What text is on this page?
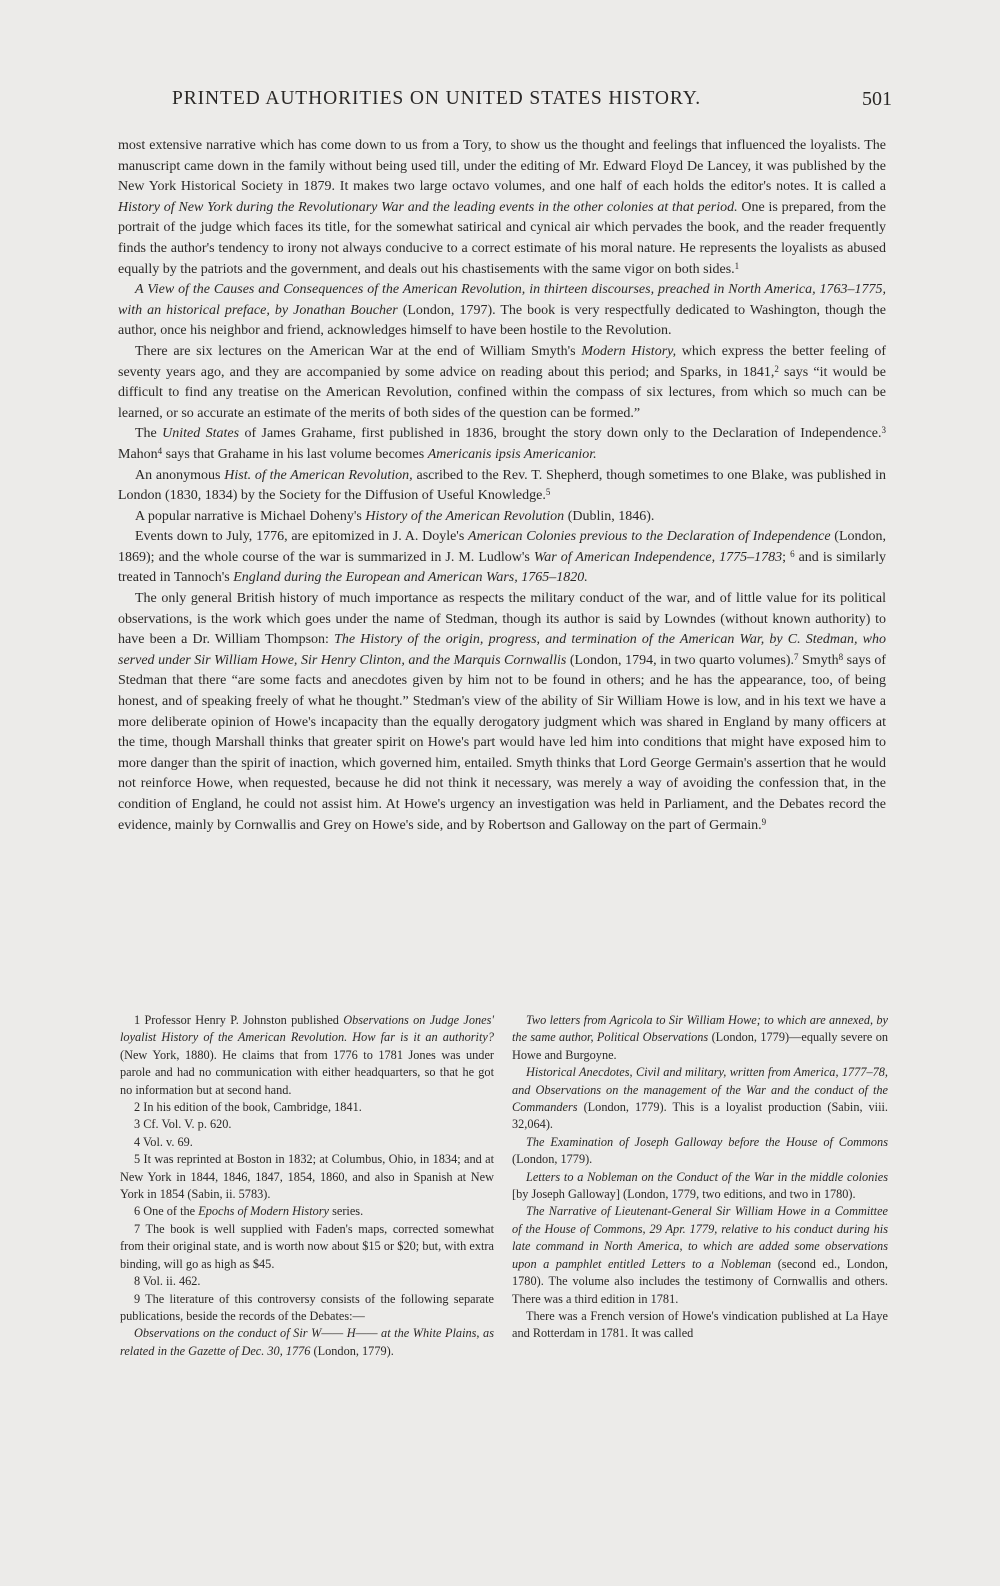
PRINTED AUTHORITIES ON UNITED STATES HISTORY.	501

most extensive narrative which has come down to us from a Tory, to show us the thought and feelings that influenced the loyalists. The manuscript came down in the family without being used till, under the editing of Mr. Edward Floyd De Lancey, it was published by the New York Historical Society in 1879. It makes two large octavo volumes, and one half of each holds the editor's notes. It is called a History of New York during the Revolutionary War and the leading events in the other colonies at that period. One is prepared, from the portrait of the judge which faces its title, for the somewhat satirical and cynical air which pervades the book, and the reader frequently finds the author's tendency to irony not always conducive to a correct estimate of his moral nature. He represents the loyalists as abused equally by the patriots and the government, and deals out his chastisements with the same vigor on both sides.$^1$

A View of the Causes and Consequences of the American Revolution, in thirteen discourses, preached in North America, 1763–1775, with an historical preface, by Jonathan Boucher (London, 1797). The book is very respectfully dedicated to Washington, though the author, once his neighbor and friend, acknowledges himself to have been hostile to the Revolution.

There are six lectures on the American War at the end of William Smyth's Modern History, which express the better feeling of seventy years ago, and they are accompanied by some advice on reading about this period; and Sparks, in 1841,$^2$ says “it would be difficult to find any treatise on the American Revolution, confined within the compass of six lectures, from which so much can be learned, or so accurate an estimate of the merits of both sides of the question can be formed.”

The United States of James Grahame, first published in 1836, brought the story down only to the Declaration of Independence.$^3$ Mahon$^4$ says that Grahame in his last volume becomes Americanis ipsis Americanior.

An anonymous Hist. of the American Revolution, ascribed to the Rev. T. Shepherd, though sometimes to one Blake, was published in London (1830, 1834) by the Society for the Diffusion of Useful Knowledge.$^5$

A popular narrative is Michael Doheny's History of the American Revolution (Dublin, 1846).

Events down to July, 1776, are epitomized in J. A. Doyle's American Colonies previous to the Declaration of Independence (London, 1869); and the whole course of the war is summarized in J. M. Ludlow's War of American Independence, 1775–1783; $^6$ and is similarly treated in Tannoch's England during the European and American Wars, 1765–1820.

The only general British history of much importance as respects the military conduct of the war, and of little value for its political observations, is the work which goes under the name of Stedman, though its author is said by Lowndes (without known authority) to have been a Dr. William Thompson: The History of the origin, progress, and termination of the American War, by C. Stedman, who served under Sir William Howe, Sir Henry Clinton, and the Marquis Cornwallis (London, 1794, in two quarto volumes).$^7$ Smyth$^8$ says of Stedman that there “are some facts and anecdotes given by him not to be found in others; and he has the appearance, too, of being honest, and of speaking freely of what he thought.” Stedman's view of the ability of Sir William Howe is low, and in his text we have a more deliberate opinion of Howe's incapacity than the equally derogatory judgment which was shared in England by many officers at the time, though Marshall thinks that greater spirit on Howe's part would have led him into conditions that might have exposed him to more danger than the spirit of inaction, which governed him, entailed. Smyth thinks that Lord George Germain's assertion that he would not reinforce Howe, when requested, because he did not think it necessary, was merely a way of avoiding the confession that, in the condition of England, he could not assist him. At Howe's urgency an investigation was held in Parliament, and the Debates record the evidence, mainly by Cornwallis and Grey on Howe's side, and by Robertson and Galloway on the part of Germain.$^9$

1 Professor Henry P. Johnston published Observations on Judge Jones' loyalist History of the American Revolution. How far is it an authority? (New York, 1880). He claims that from 1776 to 1781 Jones was under parole and had no communication with either headquarters, so that he got no information but at second hand.

2 In his edition of the book, Cambridge, 1841.

3 Cf. Vol. V. p. 620.

4 Vol. v. 69.

5 It was reprinted at Boston in 1832; at Columbus, Ohio, in 1834; and at New York in 1844, 1846, 1847, 1854, 1860, and also in Spanish at New York in 1854 (Sabin, ii. 5783).

6 One of the Epochs of Modern History series.

7 The book is well supplied with Faden's maps, corrected somewhat from their original state, and is worth now about $15 or $20; but, with extra binding, will go as high as $45.

8 Vol. ii. 462.

9 The literature of this controversy consists of the following separate publications, beside the records of the Debates:—

Observations on the conduct of Sir W—— H—— at the White Plains, as related in the Gazette of Dec. 30, 1776 (London, 1779).

Two letters from Agricola to Sir William Howe; to which are annexed, by the same author, Political Observations (London, 1779)—equally severe on Howe and Burgoyne.

Historical Anecdotes, Civil and military, written from America, 1777–78, and Observations on the management of the War and the conduct of the Commanders (London, 1779). This is a loyalist production (Sabin, viii. 32,064).

The Examination of Joseph Galloway before the House of Commons (London, 1779).

Letters to a Nobleman on the Conduct of the War in the middle colonies [by Joseph Galloway] (London, 1779, two editions, and two in 1780).

The Narrative of Lieutenant-General Sir William Howe in a Committee of the House of Commons, 29 Apr. 1779, relative to his conduct during his late command in North America, to which are added some observations upon a pamphlet entitled Letters to a Nobleman (second ed., London, 1780). The volume also includes the testimony of Cornwallis and others. There was a third edition in 1781.

There was a French version of Howe's vindication published at La Haye and Rotterdam in 1781. It was called
